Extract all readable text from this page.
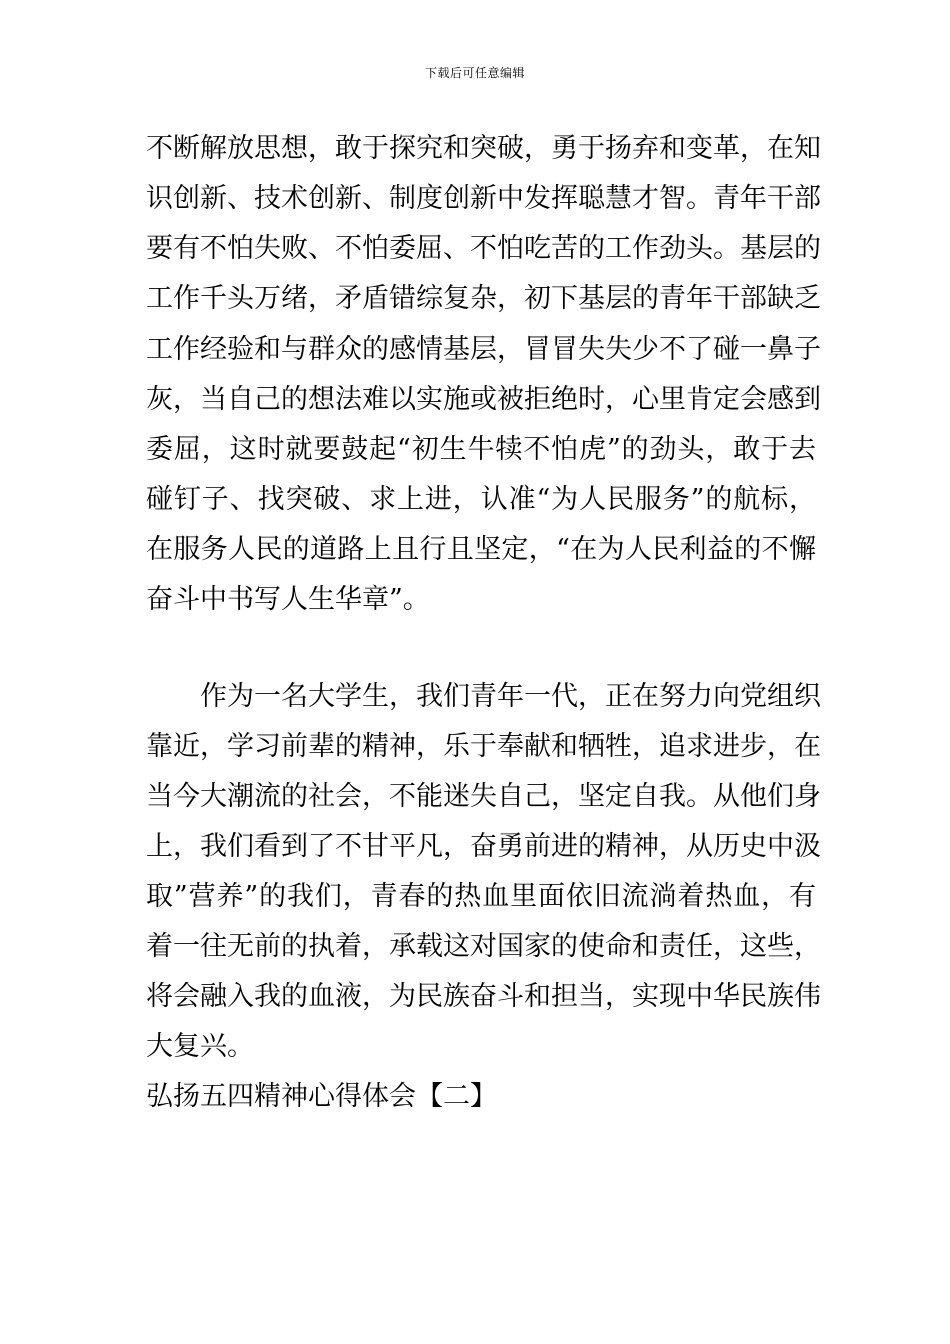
下载后可任意编辑
不断解放思想，敢于探究和突破，勇于扬弃和变革，在知
识创新、技术创新、制度创新中发挥聪慧才智。青年干部
要有不怕失败、不怕委屈、不怕吃苦的工作劲头。基层的
工作千头万绪，矛盾错综复杂，初下基层的青年干部缺乏
工作经验和与群众的感情基层，冒冒失失少不了碰一鼻子
灰，当自己的想法难以实施或被拒绝时，心里肯定会感到
委屈，这时就要鼓起“初生牛犊不怕虎”的劲头，敢于去
碰钉子、找突破、求上进，认准“为人民服务”的航标，
在服务人民的道路上且行且坚定，“在为人民利益的不懈
奋斗中书写人生华章”。
作为一名大学生，我们青年一代，正在努力向党组织
靠近，学习前辈的精神，乐于奉献和牺牲，追求进步，在
当今大潮流的社会，不能迷失自己，坚定自我。从他们身
上，我们看到了不甘平凡，奋勇前进的精神，从历史中汲
取”营养”的我们，青春的热血里面依旧流淌着热血，有
着一往无前的执着，承载这对国家的使命和责任，这些，
将会融入我的血液，为民族奋斗和担当，实现中华民族伟
大复兴。
弘扬五四精神心得体会【二】
